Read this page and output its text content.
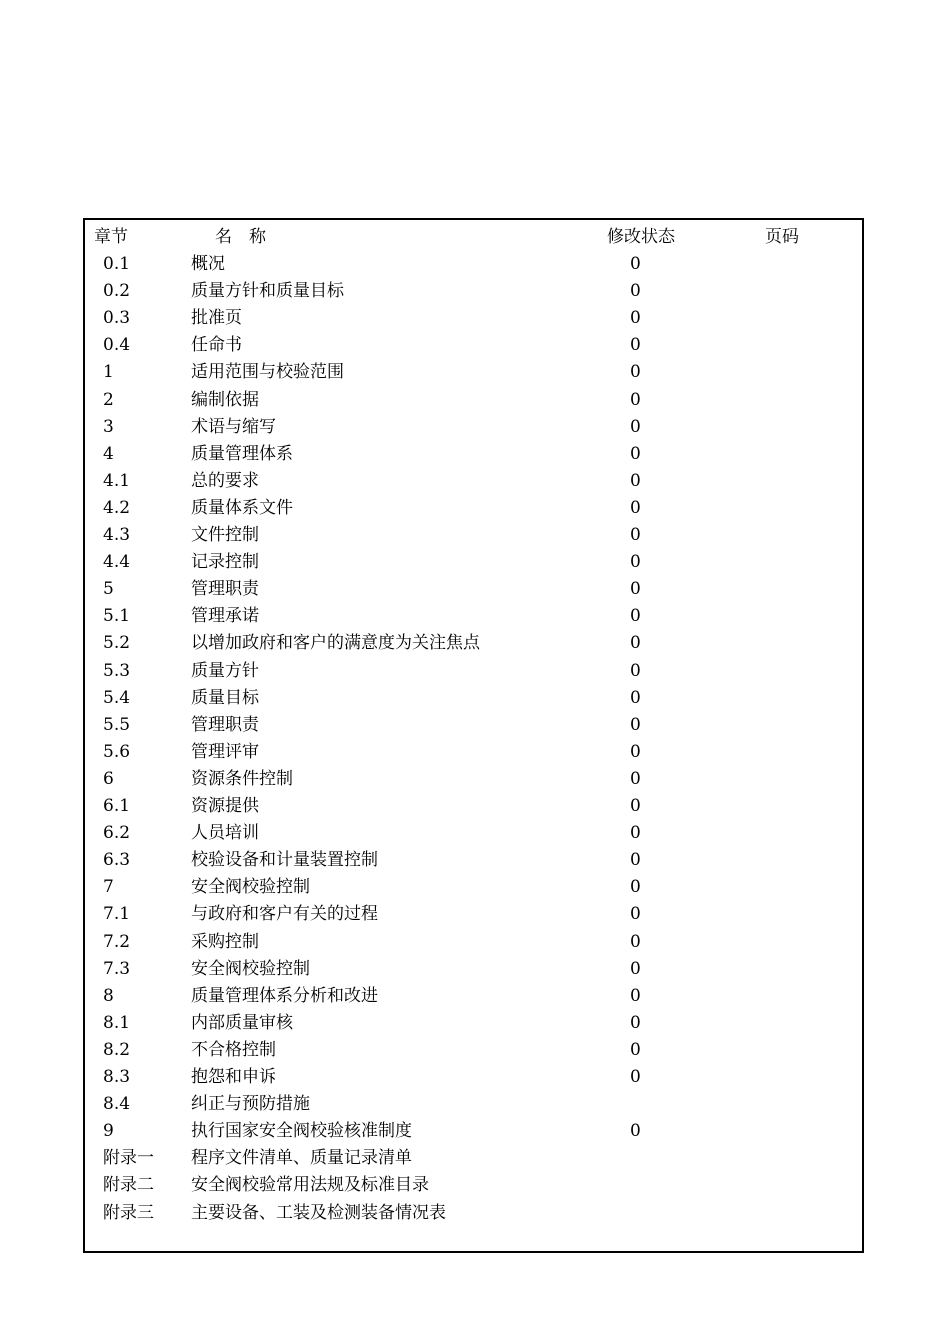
章节	名　称	修改状态	页码
0.1	概况	0
0.2	质量方针和质量目标	0
0.3	批准页	0
0.4	任命书	0
1	适用范围与校验范围	0
2	编制依据	0
3	术语与缩写	0
4	质量管理体系	0
4.1	总的要求	0
4.2	质量体系文件	0
4.3	文件控制	0
4.4	记录控制	0
5	管理职责	0
5.1	管理承诺	0
5.2	以增加政府和客户的满意度为关注焦点	0
5.3	质量方针	0
5.4	质量目标	0
5.5	管理职责	0
5.6	管理评审	0
6	资源条件控制	0
6.1	资源提供	0
6.2	人员培训	0
6.3	校验设备和计量装置控制	0
7	安全阀校验控制	0
7.1	与政府和客户有关的过程	0
7.2	采购控制	0
7.3	安全阀校验控制	0
8	质量管理体系分析和改进	0
8.1	内部质量审核	0
8.2	不合格控制	0
8.3	抱怨和申诉	0
8.4	纠正与预防措施
9	执行国家安全阀校验核准制度	0
附录一 程序文件清单、质量记录清单
附录二 安全阀校验常用法规及标准目录
附录三 主要设备、工装及检测装备情况表
